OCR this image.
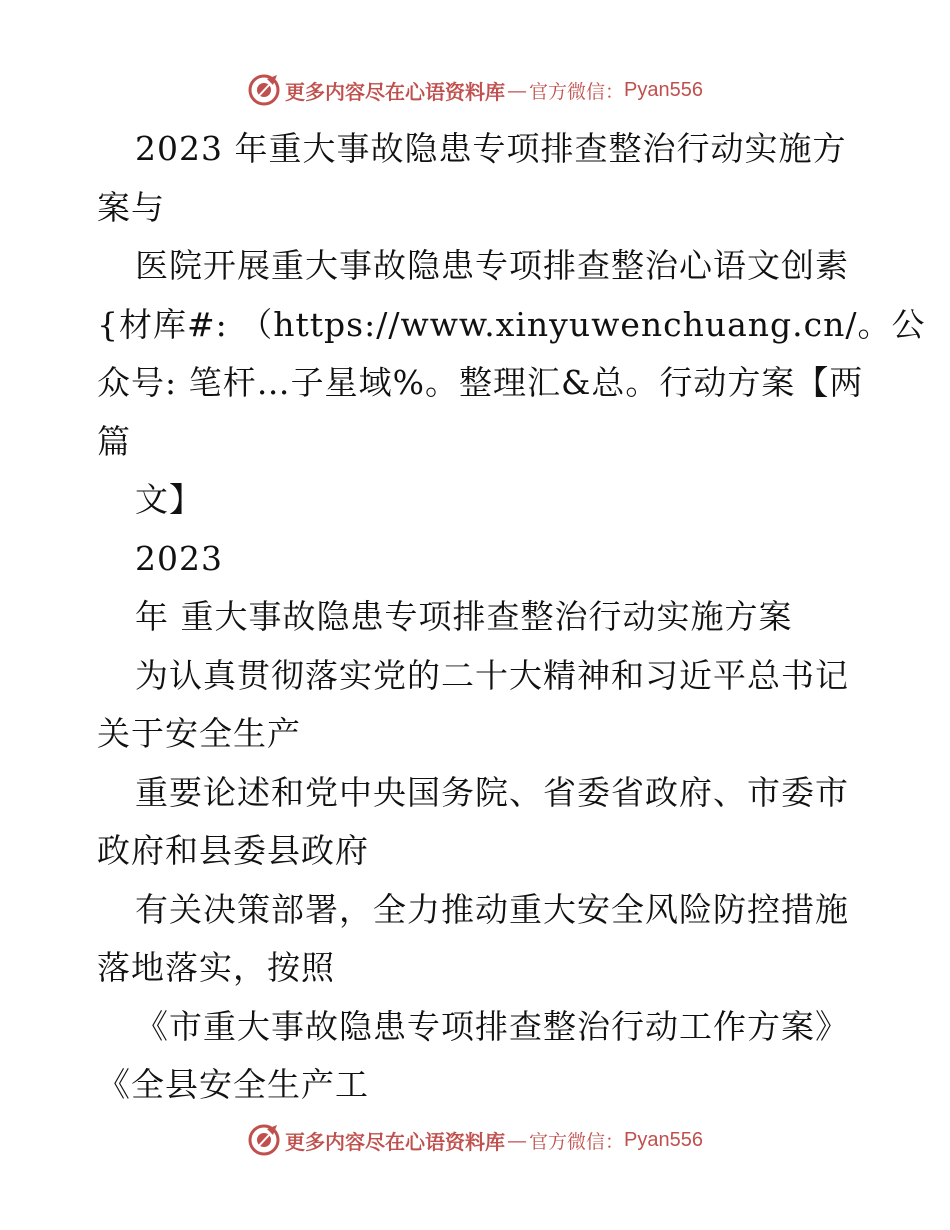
更多内容尽在心语资料库 — 官方微信： Pyan556
2023 年重大事故隐患专项排查整治行动实施方
案与
医院开展重大事故隐患专项排查整治心语文创素
{材库#: （https://www.xinyuwenchuang.cn/。公
众号: 笔杆…子星域%。整理汇&总。行动方案【两
篇
文】
2023
年 重大事故隐患专项排查整治行动实施方案
为认真贯彻落实党的二十大精神和习近平总书记
关于安全生产
重要论述和党中央国务院、省委省政府、市委市
政府和县委县政府
有关决策部署，全力推动重大安全风险防控措施
落地落实，按照
《市重大事故隐患专项排查整治行动工作方案》
《全县安全生产工
更多内容尽在心语资料库 — 官方微信： Pyan556
